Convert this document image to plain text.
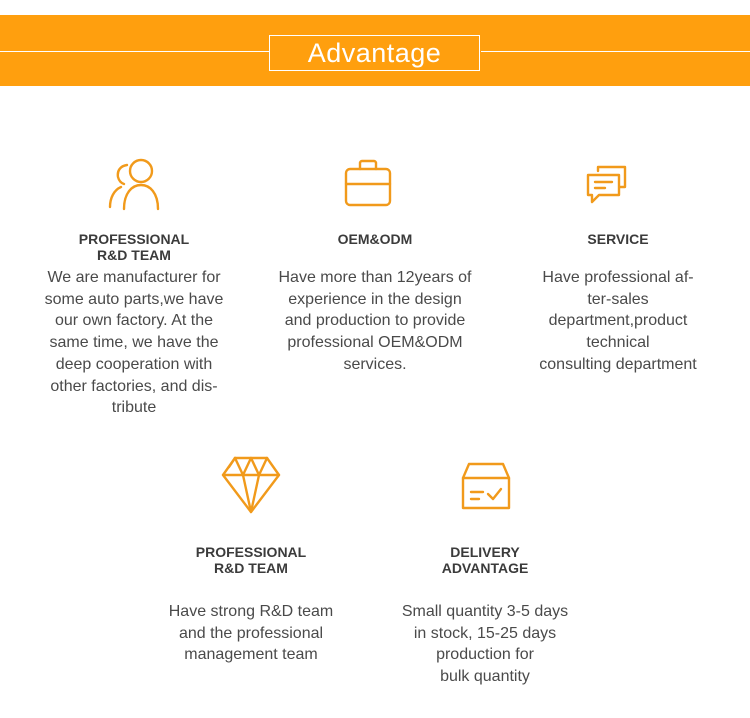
Advantage
PROFESSIONAL
R&D TEAM
We are manufacturer for
some auto parts,we have
our own factory. At the
same time, we have the
deep cooperation with
other factories, and dis-
tribute
OEM&ODM
Have more than 12years of
experience in the design
and production to provide
professional OEM&ODM
services.
SERVICE
Have professional af-
ter-sales
department,product
technical
consulting department
PROFESSIONAL
R&D TEAM
Have strong R&D team
and the professional
management team
DELIVERY
ADVANTAGE
Small quantity 3-5 days
in stock, 15-25 days
production for
bulk quantity
